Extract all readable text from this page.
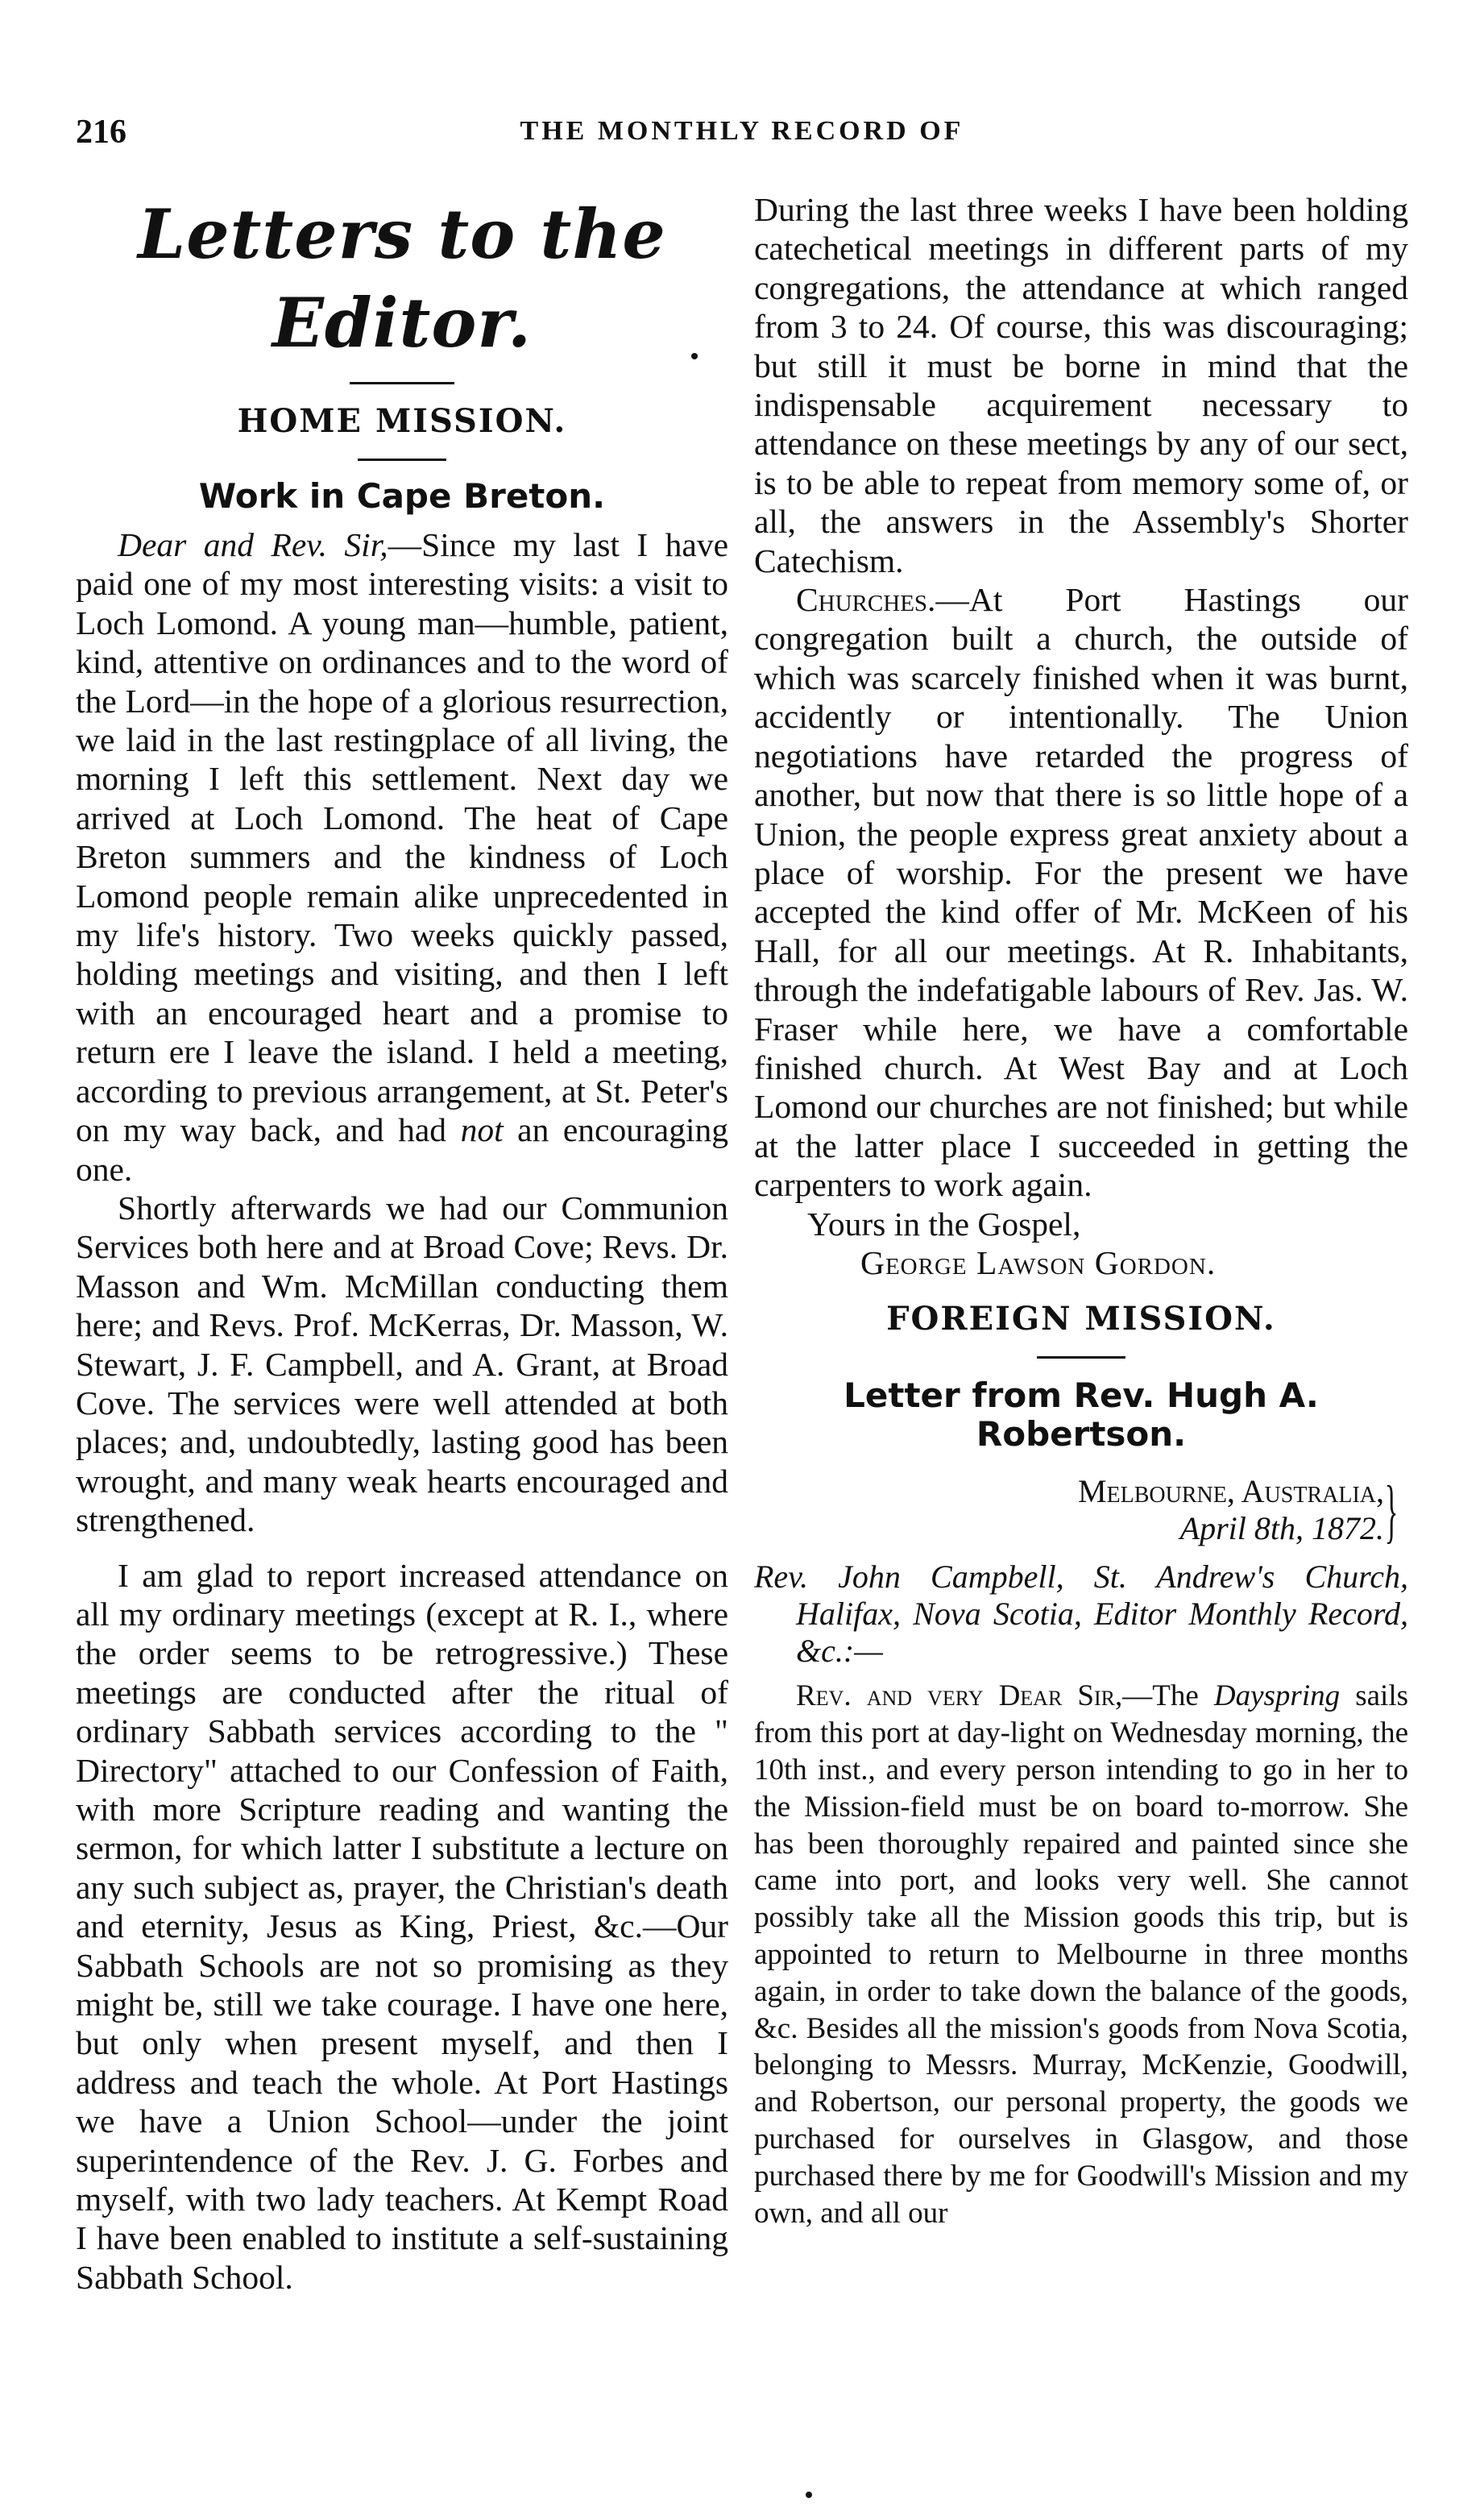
216	THE MONTHLY RECORD OF
Letters to the Editor.
HOME MISSION.
Work in Cape Breton.

Dear and Rev. Sir,—Since my last I have paid one of my most interesting visits: a visit to Loch Lomond. A young man—humble, patient, kind, attentive on ordinances and to the word of the Lord—in the hope of a glorious resurrection, we laid in the last restingplace of all living, the morning I left this settlement. Next day we arrived at Loch Lomond. The heat of Cape Breton summers and the kindness of Loch Lomond people remain alike unprecedented in my life's history. Two weeks quickly passed, holding meetings and visiting, and then I left with an encouraged heart and a promise to return ere I leave the island. I held a meeting, according to previous arrangement, at St. Peter's on my way back, and had not an encouraging one.

Shortly afterwards we had our Communion Services both here and at Broad Cove; Revs. Dr. Masson and Wm. McMillan conducting them here; and Revs. Prof. McKerras, Dr. Masson, W. Stewart, J. F. Campbell, and A. Grant, at Broad Cove. The services were well attended at both places; and, undoubtedly, lasting good has been wrought, and many weak hearts encouraged and strengthened.

I am glad to report increased attendance on all my ordinary meetings (except at R. I., where the order seems to be retrogressive.) These meetings are conducted after the ritual of ordinary Sabbath services according to the " Directory" attached to our Confession of Faith, with more Scripture reading and wanting the sermon, for which latter I substitute a lecture on any such subject as, prayer, the Christian's death and eternity, Jesus as King, Priest, &c.—Our Sabbath Schools are not so promising as they might be, still we take courage. I have one here, but only when present myself, and then I address and teach the whole. At Port Hastings we have a Union School—under the joint superintendence of the Rev. J. G. Forbes and myself, with two lady teachers. At Kempt Road I have been enabled to institute a self-sustaining Sabbath School.

During the last three weeks I have been holding catechetical meetings in different parts of my congregations, the attendance at which ranged from 3 to 24. Of course, this was discouraging; but still it must be borne in mind that the indispensable acquirement necessary to attendance on these meetings by any of our sect, is to be able to repeat from memory some of, or all, the answers in the Assembly's Shorter Catechism.

Churches.—At Port Hastings our congregation built a church, the outside of which was scarcely finished when it was burnt, accidently or intentionally. The Union negotiations have retarded the progress of another, but now that there is so little hope of a Union, the people express great anxiety about a place of worship. For the present we have accepted the kind offer of Mr. McKeen of his Hall, for all our meetings. At R. Inhabitants, through the indefatigable labours of Rev. Jas. W. Fraser while here, we have a comfortable finished church. At West Bay and at Loch Lomond our churches are not finished; but while at the latter place I succeeded in getting the carpenters to work again.

Yours in the Gospel,

George Lawson Gordon.

FOREIGN MISSION.
Letter from Rev. Hugh A. Robertson.
Melbourne, Australia,
April 8th, 1872. }

Rev. John Campbell, St. Andrew's Church, Halifax, Nova Scotia, Editor Monthly Record, &c.:—

Rev. and very Dear Sir,—The Dayspring sails from this port at day-light on Wednesday morning, the 10th inst., and every person intending to go in her to the Mission-field must be on board to-morrow. She has been thoroughly repaired and painted since she came into port, and looks very well. She cannot possibly take all the Mission goods this trip, but is appointed to return to Melbourne in three months again, in order to take down the balance of the goods, &c. Besides all the mission's goods from Nova Scotia, belonging to Messrs. Murray, McKenzie, Goodwill, and Robertson, our personal property, the goods we purchased for ourselves in Glasgow, and those purchased there by me for Goodwill's Mission and my own, and all our
